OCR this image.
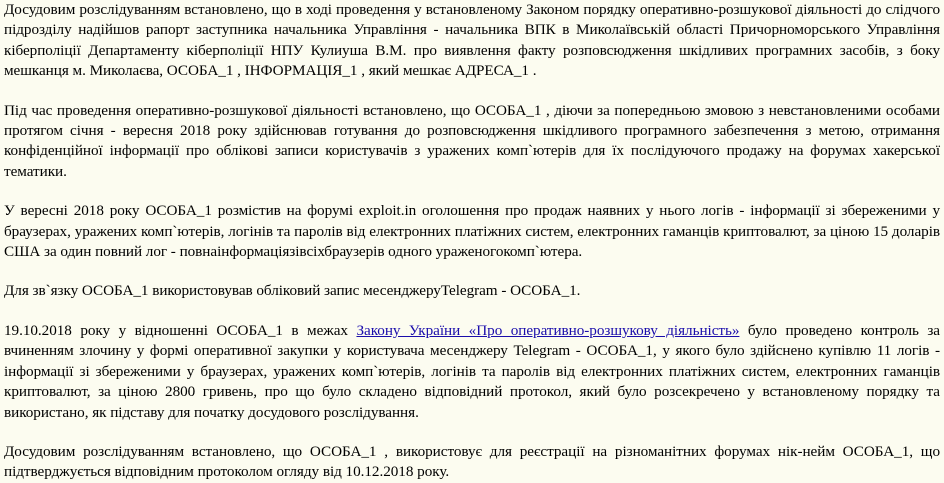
Досудовим розслідуванням встановлено, що в ході проведення у встановленому Законом порядку оперативно-розшукової діяльності до слідчого підрозділу надійшов рапорт заступника начальника Управління - начальника ВПК в Миколаївській області Причорноморського Управління кіберполіції Департаменту кіберполіції НПУ Кулиуша В.М. про виявлення факту розповсюдження шкідливих програмних засобів, з боку мешканця м. Миколаєва, ОСОБА_1 , ІНФОРМАЦІЯ_1 , який мешкає АДРЕСА_1 .

Під час проведення оперативно-розшукової діяльності встановлено, що ОСОБА_1 , діючи за попередньою змовою з невстановленими особами протягом січня - вересня 2018 року здійснював готування до розповсюдження шкідливого програмного забезпечення з метою, отримання конфіденційної інформації про облікові записи користувачів з уражених комп`ютерів для їх послідуючого продажу на форумах хакерської тематики.

У вересні 2018 року ОСОБА_1 розмістив на форумі exploit.in оголошення про продаж наявних у нього логів - інформації зі збереженими у браузерах, уражених комп`ютерів, логінів та паролів від електронних платіжних систем, електронних гаманців криптовалют, за ціною 15 доларів США за один повний лог - повнаінформаціязівсіхбраузерів одного ураженогокомп`ютера.

Для зв`язку ОСОБА_1 використовував обліковий запис месенджеруTelegram - ОСОБА_1.

19.10.2018 року у відношенні ОСОБА_1 в межах Закону України «Про оперативно-розшукову діяльність» було проведено контроль за вчиненням злочину у формі оперативної закупки у користувача месенджеру Telegram - ОСОБА_1, у якого було здійснено купівлю 11 логів - інформації зі збереженими у браузерах, уражених комп`ютерів, логінів та паролів від електронних платіжних систем, електронних гаманців криптовалют, за ціною 2800 гривень, про що було складено відповідний протокол, який було розсекречено у встановленому порядку та використано, як підставу для початку досудового розслідування.

Досудовим розслідуванням встановлено, що ОСОБА_1 , використовує для реєстрації на різноманітних форумах нік-нейм ОСОБА_1, що підтверджується відповідним протоколом огляду від 10.12.2018 року.
